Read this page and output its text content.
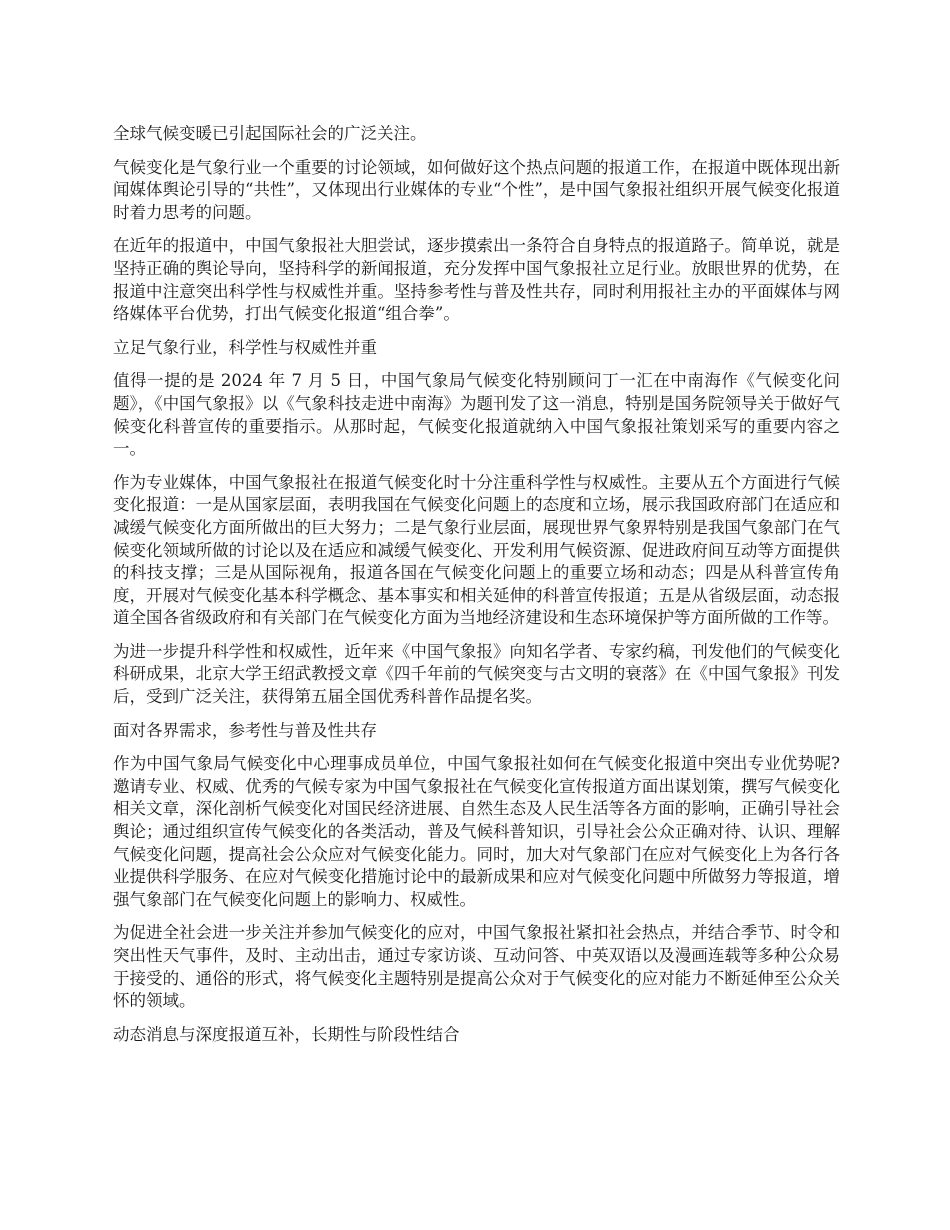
全球气候变暖已引起国际社会的广泛关注。

气候变化是气象行业一个重要的讨论领域，如何做好这个热点问题的报道工作，在报道中既体现出新闻媒体舆论引导的“共性”，又体现出行业媒体的专业“个性”，是中国气象报社组织开展气候变化报道时着力思考的问题。

在近年的报道中，中国气象报社大胆尝试，逐步摸索出一条符合自身特点的报道路子。简单说，就是坚持正确的舆论导向，坚持科学的新闻报道，充分发挥中国气象报社立足行业。放眼世界的优势，在报道中注意突出科学性与权威性并重。坚持参考性与普及性共存，同时利用报社主办的平面媒体与网络媒体平台优势，打出气候变化报道“组合拳”。

立足气象行业，科学性与权威性并重

值得一提的是 2024 年 7 月 5 日，中国气象局气候变化特别顾问丁一汇在中南海作《气候变化问题》，《中国气象报》以《气象科技走进中南海》为题刊发了这一消息，特别是国务院领导关于做好气候变化科普宣传的重要指示。从那时起，气候变化报道就纳入中国气象报社策划采写的重要内容之一。

作为专业媒体，中国气象报社在报道气候变化时十分注重科学性与权威性。主要从五个方面进行气候变化报道：一是从国家层面，表明我国在气候变化问题上的态度和立场，展示我国政府部门在适应和减缓气候变化方面所做出的巨大努力；二是气象行业层面，展现世界气象界特别是我国气象部门在气候变化领域所做的讨论以及在适应和减缓气候变化、开发利用气候资源、促进政府间互动等方面提供的科技支撑；三是从国际视角，报道各国在气候变化问题上的重要立场和动态；四是从科普宣传角度，开展对气候变化基本科学概念、基本事实和相关延伸的科普宣传报道；五是从省级层面，动态报道全国各省级政府和有关部门在气候变化方面为当地经济建设和生态环境保护等方面所做的工作等。

为进一步提升科学性和权威性，近年来《中国气象报》向知名学者、专家约稿，刊发他们的气候变化科研成果，北京大学王绍武教授文章《四千年前的气候突变与古文明的衰落》在《中国气象报》刊发后，受到广泛关注，获得第五届全国优秀科普作品提名奖。

面对各界需求，参考性与普及性共存

作为中国气象局气候变化中心理事成员单位，中国气象报社如何在气候变化报道中突出专业优势呢?邀请专业、权威、优秀的气候专家为中国气象报社在气候变化宣传报道方面出谋划策，撰写气候变化相关文章，深化剖析气候变化对国民经济进展、自然生态及人民生活等各方面的影响，正确引导社会舆论；通过组织宣传气候变化的各类活动，普及气候科普知识，引导社会公众正确对待、认识、理解气候变化问题，提高社会公众应对气候变化能力。同时，加大对气象部门在应对气候变化上为各行各业提供科学服务、在应对气候变化措施讨论中的最新成果和应对气候变化问题中所做努力等报道，增强气象部门在气候变化问题上的影响力、权威性。

为促进全社会进一步关注并参加气候变化的应对，中国气象报社紧扣社会热点，并结合季节、时令和突出性天气事件，及时、主动出击，通过专家访谈、互动问答、中英双语以及漫画连载等多种公众易于接受的、通俗的形式，将气候变化主题特别是提高公众对于气候变化的应对能力不断延伸至公众关怀的领域。

动态消息与深度报道互补，长期性与阶段性结合
